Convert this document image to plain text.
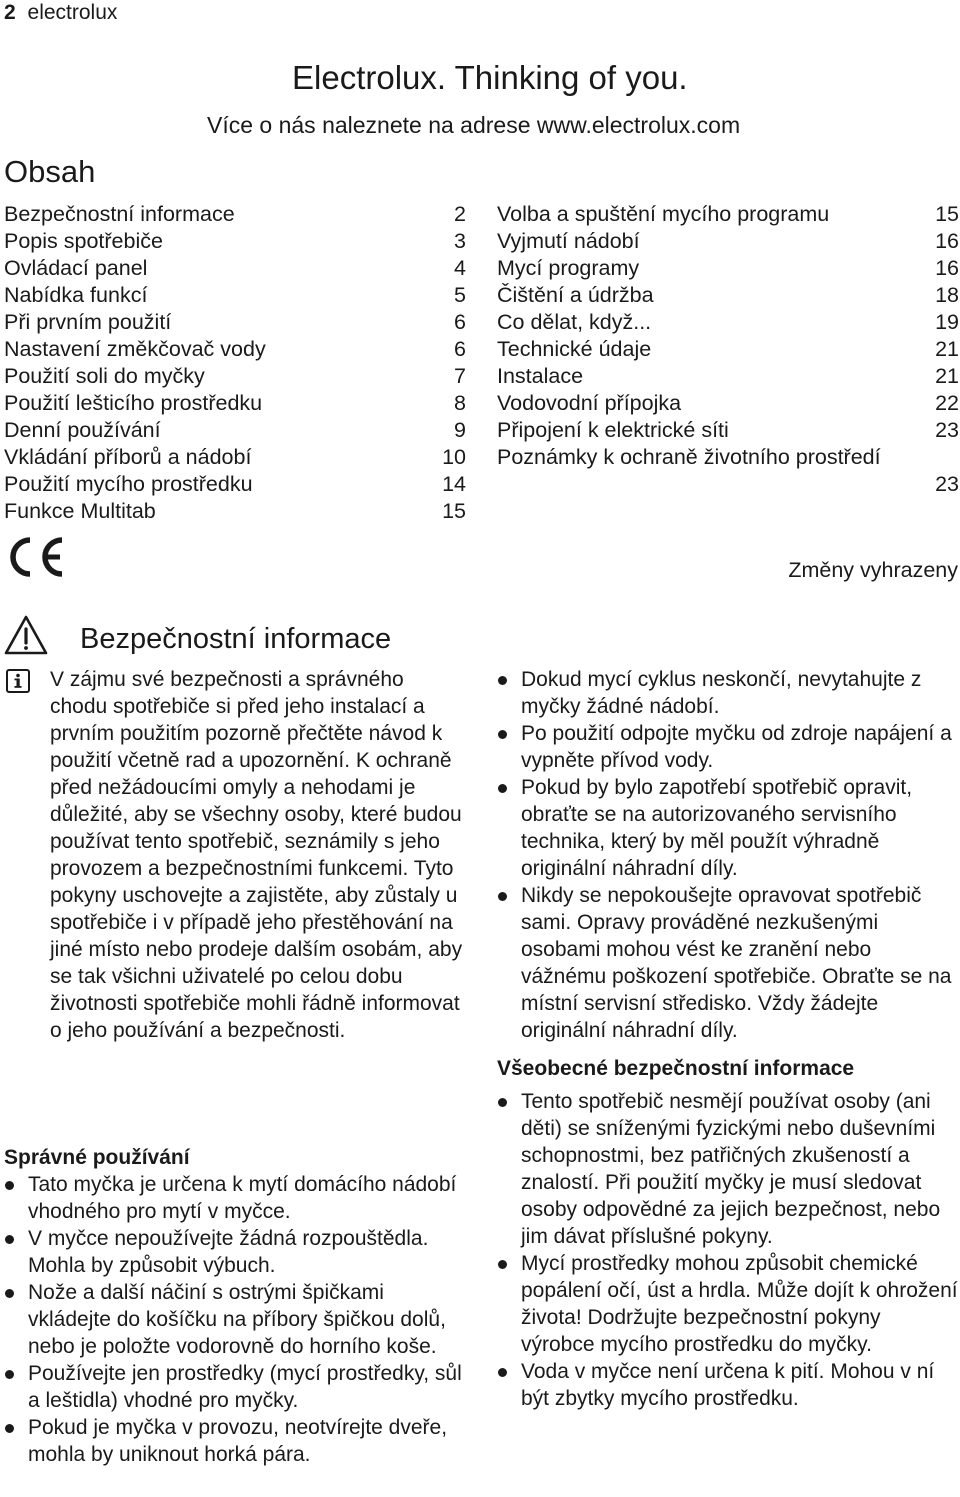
2 electrolux
Electrolux. Thinking of you.
Více o nás naleznete na adrese www.electrolux.com
Obsah
Bezpečnostní informace	2
Popis spotřebiče	3
Ovládací panel	4
Nabídka funkcí	5
Při prvním použití	6
Nastavení změkčovač vody	6
Použití soli do myčky	7
Použití lešticího prostředku	8
Denní používání	9
Vkládání příborů a nádobí	10
Použití mycího prostředku	14
Funkce Multitab	15
Volba a spuštění mycího programu	15
Vyjmutí nádobí	16
Mycí programy	16
Čištění a údržba	18
Co dělat, když...	19
Technické údaje	21
Instalace	21
Vodovodní přípojka	22
Připojení k elektrické síti	23
Poznámky k ochraně životního prostředí
23
Změny vyhrazeny
Bezpečnostní informace
V zájmu své bezpečnosti a správného chodu spotřebiče si před jeho instalací a prvním použitím pozorně přečtěte návod k použití včetně rad a upozornění. K ochraně před nežádoucími omyly a nehodami je důležité, aby se všechny osoby, které budou používat tento spotřebič, seznámily s jeho provozem a bezpečnostními funkcemi. Tyto pokyny uschovejte a zajistěte, aby zůstaly u spotřebiče i v případě jeho přestěhování na jiné místo nebo prodeje dalším osobám, aby se tak všichni uživatelé po celou dobu životnosti spotřebiče mohli řádně informovat o jeho používání a bezpečnosti.
Správné používání
Tato myčka je určena k mytí domácího nádobí vhodného pro mytí v myčce.
V myčce nepoužívejte žádná rozpouštědla. Mohla by způsobit výbuch.
Nože a další náčiní s ostrými špičkami vkládejte do košíčku na příbory špičkou dolů, nebo je položte vodorovně do horního koše.
Používejte jen prostředky (mycí prostředky, sůl a leštidla) vhodné pro myčky.
Pokud je myčka v provozu, neotvírejte dveře, mohla by uniknout horká pára.
Dokud mycí cyklus neskončí, nevytahujte z myčky žádné nádobí.
Po použití odpojte myčku od zdroje napájení a vypněte přívod vody.
Pokud by bylo zapotřebí spotřebič opravit, obraťte se na autorizovaného servisního technika, který by měl použít výhradně originální náhradní díly.
Nikdy se nepokoušejte opravovat spotřebič sami. Opravy prováděné nezkušenými osobami mohou vést ke zranění nebo vážnému poškození spotřebiče. Obraťte se na místní servisní středisko. Vždy žádejte originální náhradní díly.
Všeobecné bezpečnostní informace
Tento spotřebič nesmějí používat osoby (ani děti) se sníženými fyzickými nebo duševními schopnostmi, bez patřičných zkušeností a znalostí. Při použití myčky je musí sledovat osoby odpovědné za jejich bezpečnost, nebo jim dávat příslušné pokyny.
Mycí prostředky mohou způsobit chemické popálení očí, úst a hrdla. Může dojít k ohrožení života! Dodržujte bezpečnostní pokyny výrobce mycího prostředku do myčky.
Voda v myčce není určena k pití. Mohou v ní být zbytky mycího prostředku.
